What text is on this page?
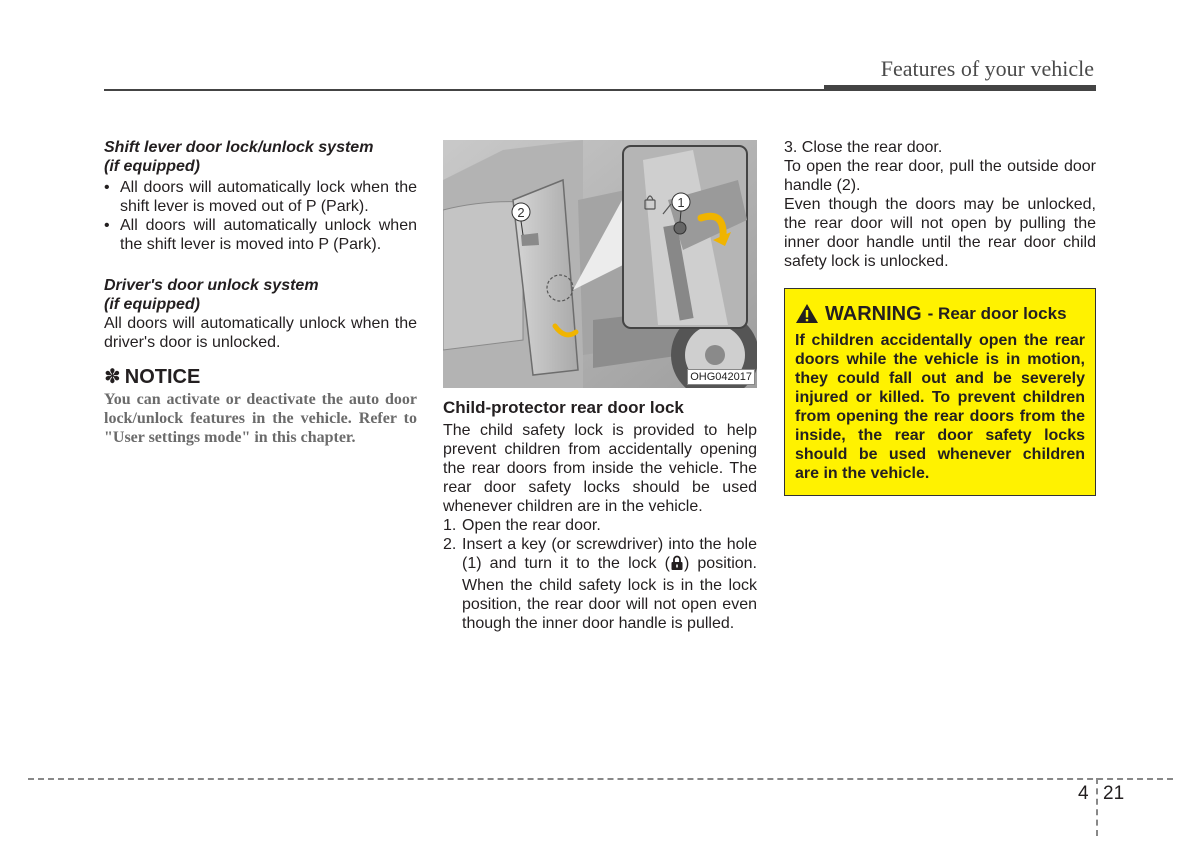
Features of your vehicle

Shift lever door lock/unlock system

(if equipped)

• All doors will automatically lock when the shift lever is moved out of P (Park).
• All doors will automatically unlock when the shift lever is moved into P (Park).

Driver's door unlock system

(if equipped)

All doors will automatically unlock when the driver's door is unlocked.

✽ NOTICE
You can activate or deactivate the auto door lock/unlock features in the vehicle. Refer to "User settings mode" in this chapter.
2
1
OHG042017
Child-protector rear door lock

The child safety lock is provided to help prevent children from accidentally opening the rear doors from inside the vehicle. The rear door safety locks should be used whenever children are in the vehicle.

1. Open the rear door.
2. Insert a key (or screwdriver) into the hole (1) and turn it to the lock ( ) position. When the child safety lock is in the lock position, the rear door will not open even though the inner door handle is pulled.

3. Close the rear door.

To open the rear door, pull the outside door handle (2).

Even though the doors may be unlocked, the rear door will not open by pulling the inner door handle until the rear door child safety lock is unlocked.

WARNING - Rear door locks
If children accidentally open the rear doors while the vehicle is in motion, they could fall out and be severely injured or killed. To prevent children from opening the rear doors from the inside, the rear door safety locks should be used whenever children are in the vehicle.
4 21
